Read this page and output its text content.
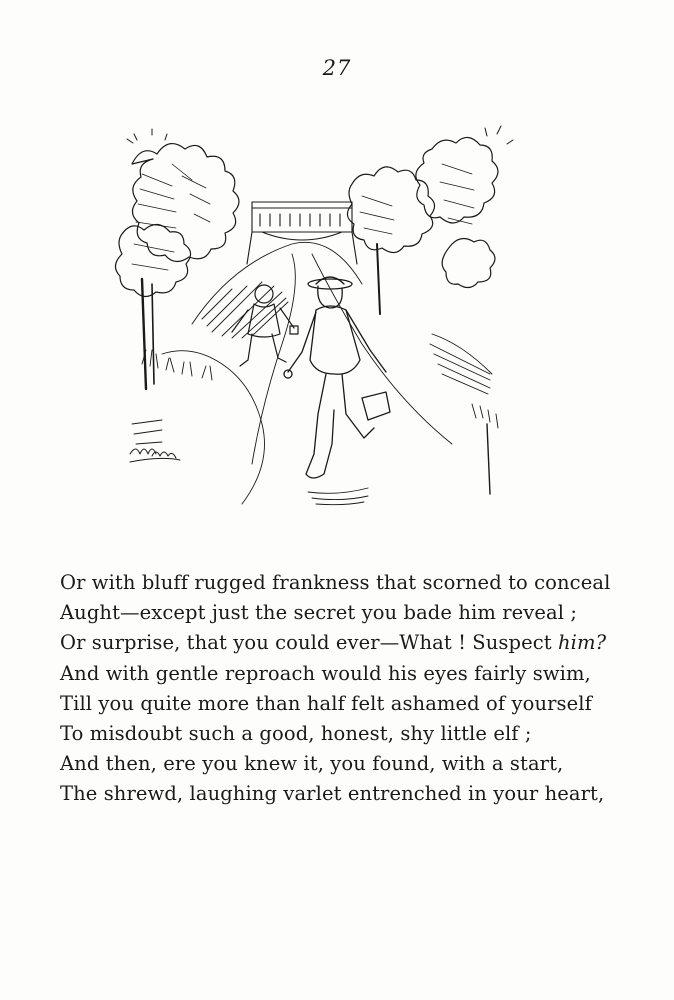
27
Or with bluff rugged frankness that scorned to conceal
Aught—except just the secret you bade him reveal ;
Or surprise, that you could ever—What ! Suspect him?
And with gentle reproach would his eyes fairly swim,
Till you quite more than half felt ashamed of yourself
To misdoubt such a good, honest, shy little elf ;
And then, ere you knew it, you found, with a start,
The shrewd, laughing varlet entrenched in your heart,
